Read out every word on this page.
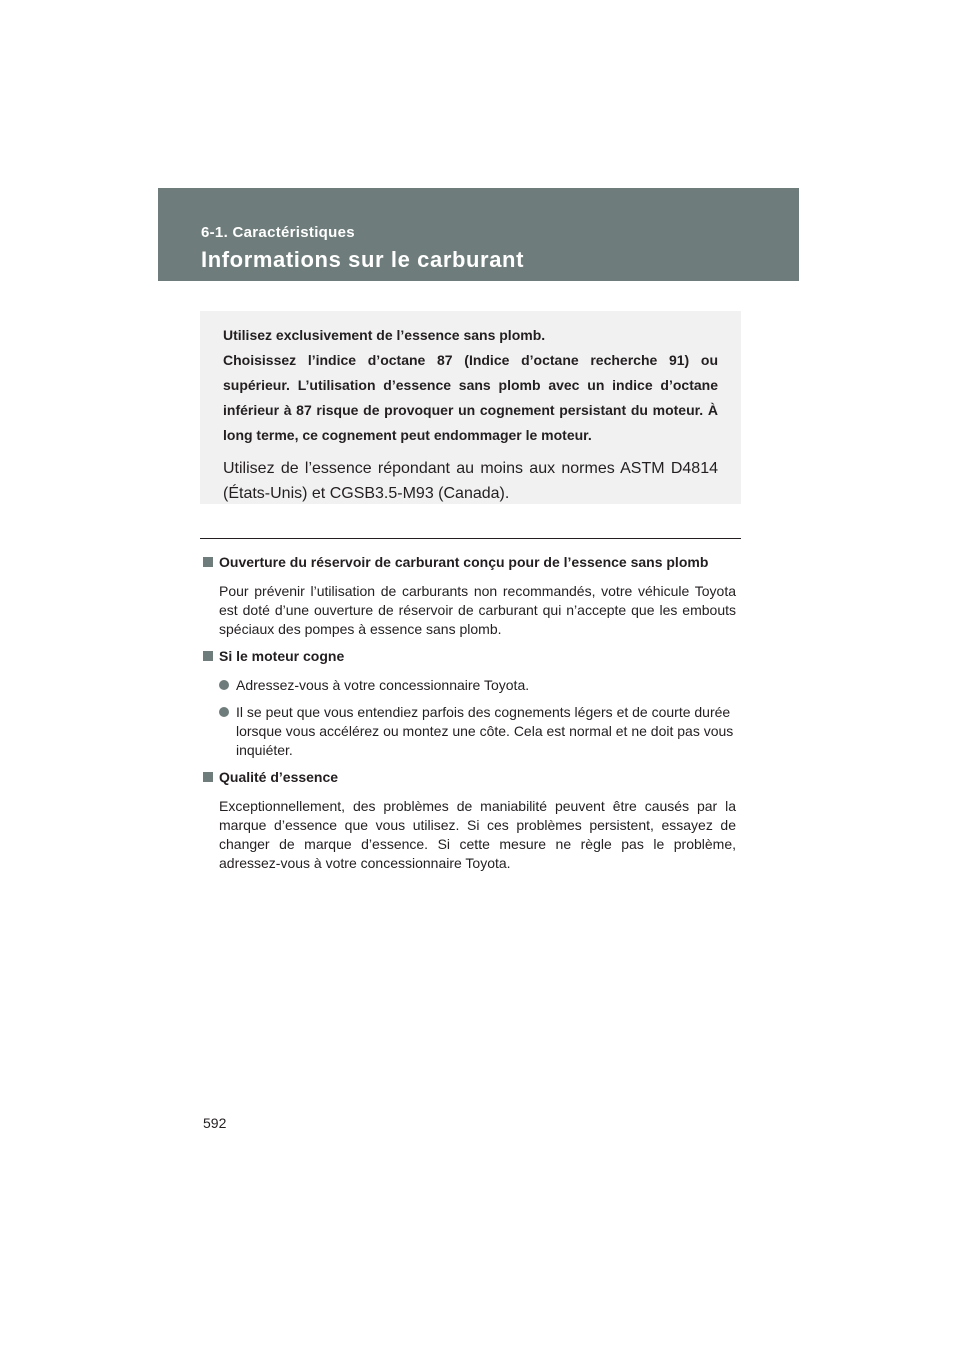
6-1. Caractéristiques
Informations sur le carburant

Utilisez exclusivement de l’essence sans plomb.

Choisissez l’indice d’octane 87 (Indice d’octane recherche 91) ou supérieur. L’utilisation d’essence sans plomb avec un indice d’octane inférieur à 87 risque de provoquer un cognement persistant du moteur. À long terme, ce cognement peut endommager le moteur.

Utilisez de l’essence répondant au moins aux normes ASTM D4814 (États-Unis) et CGSB3.5-M93 (Canada).

Ouverture du réservoir de carburant conçu pour de l’essence sans plomb
Pour prévenir l’utilisation de carburants non recommandés, votre véhicule Toyota est doté d’une ouverture de réservoir de carburant qui n’accepte que les embouts spéciaux des pompes à essence sans plomb.
Si le moteur cogne
Adressez-vous à votre concessionnaire Toyota.
Il se peut que vous entendiez parfois des cognements légers et de courte durée lorsque vous accélérez ou montez une côte. Cela est normal et ne doit pas vous inquiéter.
Qualité d’essence
Exceptionnellement, des problèmes de maniabilité peuvent être causés par la marque d’essence que vous utilisez. Si ces problèmes persistent, essayez de changer de marque d’essence. Si cette mesure ne règle pas le problème, adressez-vous à votre concessionnaire Toyota.
592
